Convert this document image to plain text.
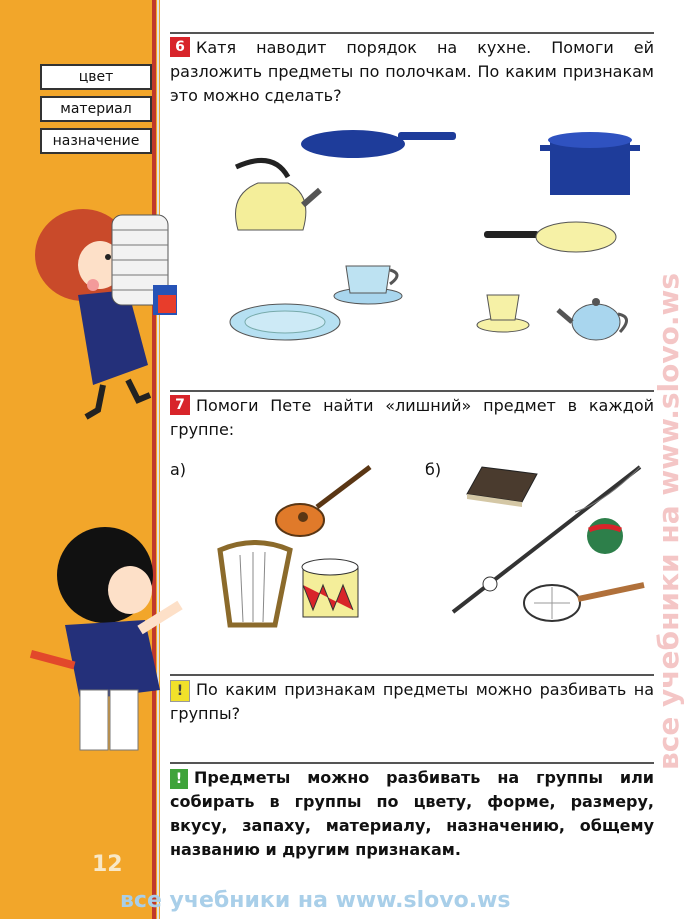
цвет
материал
назначение
6 Катя наводит порядок на кухне. Помоги ей разложить предметы по полочкам. По каким признакам это можно сделать?
7 Помоги Пете найти «лишний» предмет в каждой группе:
а)	б)
! По каким признакам предметы можно разбивать на группы?
! Предметы можно разбивать на группы или собирать в группы по цвету, форме, размеру, вкусу, запаху, материалу, назначению, общему названию и другим признакам.
12
все учебники на www.slovo.ws
все учебники на www.slovo.ws
